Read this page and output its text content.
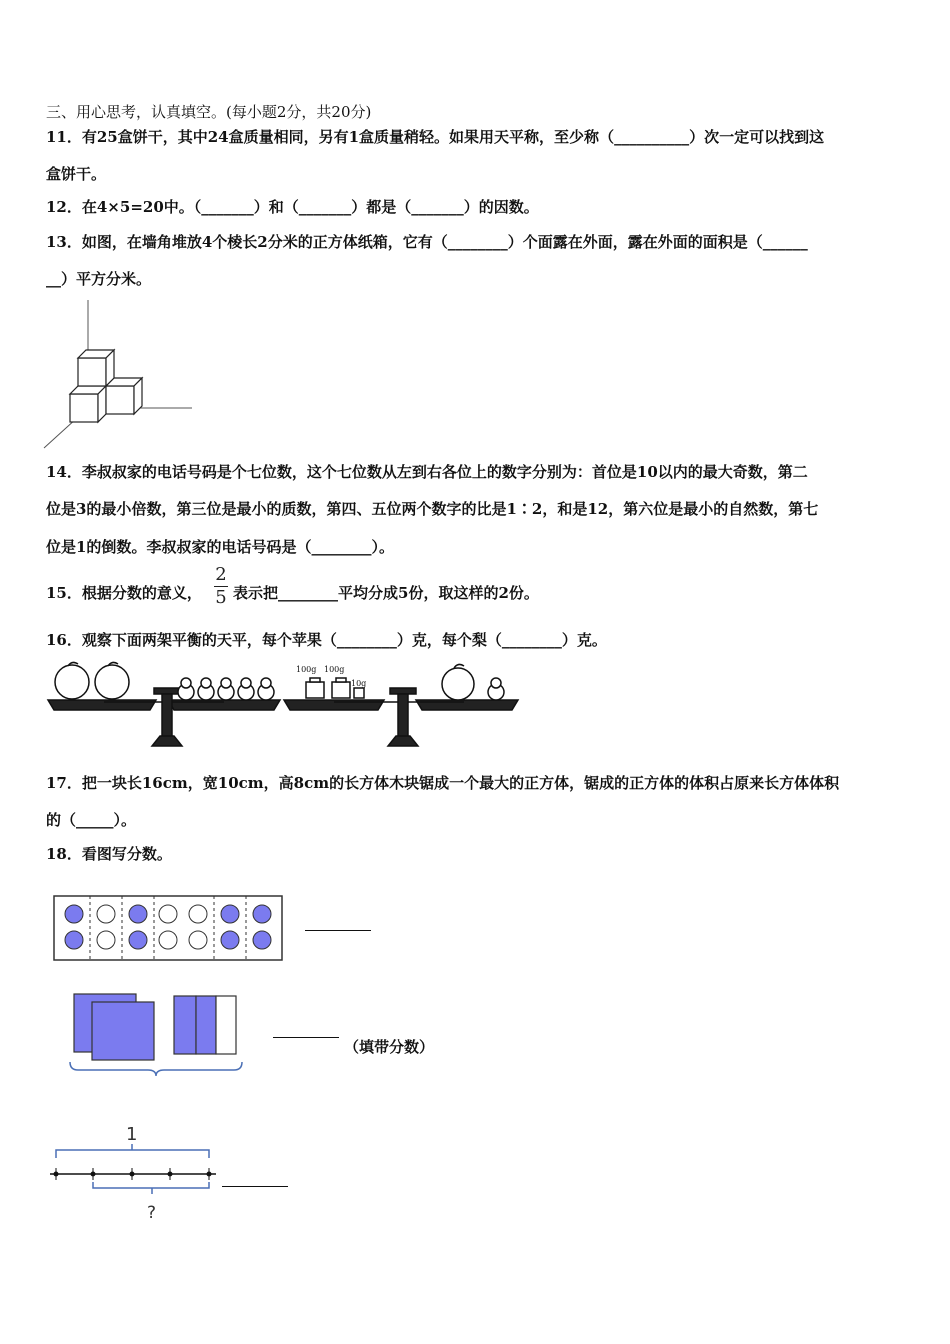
三、用心思考，认真填空。(每小题2分，共20分)
11．有25盒饼干，其中24盒质量相同，另有1盒质量稍轻。如果用天平称，至少称（__________）次一定可以找到这
盒饼干。
12．在4×5=20中。（_______）和（_______）都是（_______）的因数。
13．如图，在墙角堆放4个棱长2分米的正方体纸箱，它有（________）个面露在外面，露在外面的面积是（______
__）平方分米。
14．李叔叔家的电话号码是个七位数，这个七位数从左到右各位上的数字分别为：首位是10以内的最大奇数，第二
位是3的最小倍数，第三位是最小的质数，第四、五位两个数字的比是1∶2，和是12，第六位是最小的自然数，第七
位是1的倒数。李叔叔家的电话号码是（________）。
15．根据分数的意义，
2
5 表示把________平均分成5份，取这样的2份。
16．观察下面两架平衡的天平，每个苹果（________）克，每个梨（________）克。
100g 100g
10g
17．把一块长16cm，宽10cm，高8cm的长方体木块锯成一个最大的正方体，锯成的正方体的体积占原来长方体体积
的（_____）。
18．看图写分数。
（填带分数）
1
?
